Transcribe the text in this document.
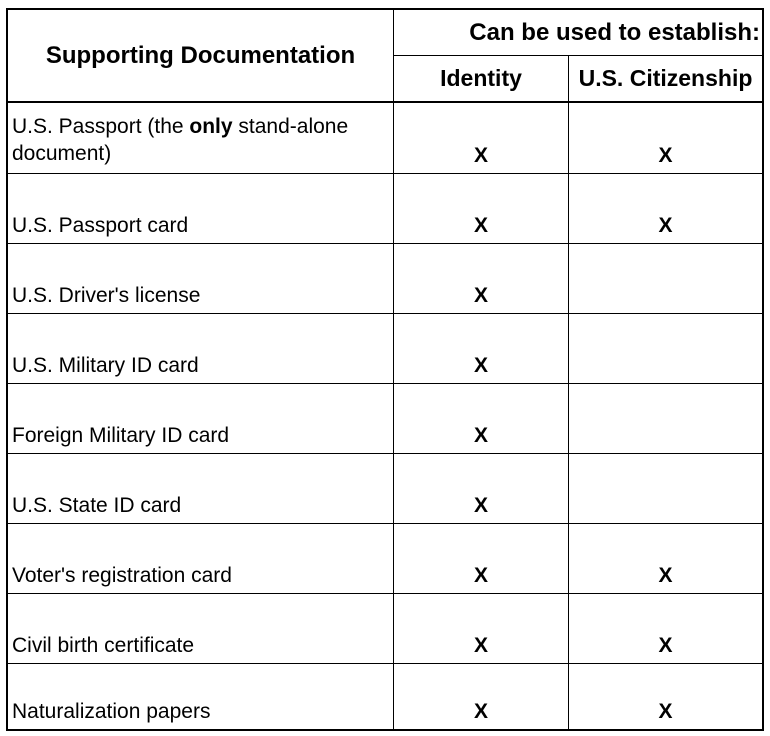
Supporting Documentation
Can be used to establish:
Identity U.S. Citizenship
U.S. Passport (the only stand-alone document)	X	X
U.S. Passport card	X	X
U.S. Driver's license	X
U.S. Military ID card	X
Foreign Military ID card	X
U.S. State ID card	X
Voter's registration card	X	X
Civil birth certificate	X	X
Naturalization papers	X	X
